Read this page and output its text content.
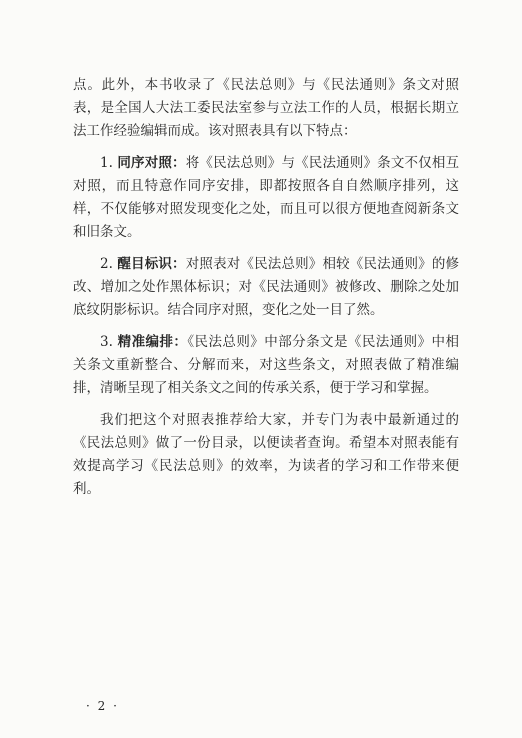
点。此外，本书收录了《民法总则》与《民法通则》条文对照表，是全国人大法工委民法室参与立法工作的人员，根据长期立法工作经验编辑而成。该对照表具有以下特点：

1. 同序对照：将《民法总则》与《民法通则》条文不仅相互对照，而且特意作同序安排，即都按照各自自然顺序排列，这样，不仅能够对照发现变化之处，而且可以很方便地查阅新条文和旧条文。

2. 醒目标识：对照表对《民法总则》相较《民法通则》的修改、增加之处作黑体标识；对《民法通则》被修改、删除之处加底纹阴影标识。结合同序对照，变化之处一目了然。

3. 精准编排：《民法总则》中部分条文是《民法通则》中相关条文重新整合、分解而来，对这些条文，对照表做了精准编排，清晰呈现了相关条文之间的传承关系，便于学习和掌握。

我们把这个对照表推荐给大家，并专门为表中最新通过的《民法总则》做了一份目录，以便读者查询。希望本对照表能有效提高学习《民法总则》的效率，为读者的学习和工作带来便利。

· 2 ·
